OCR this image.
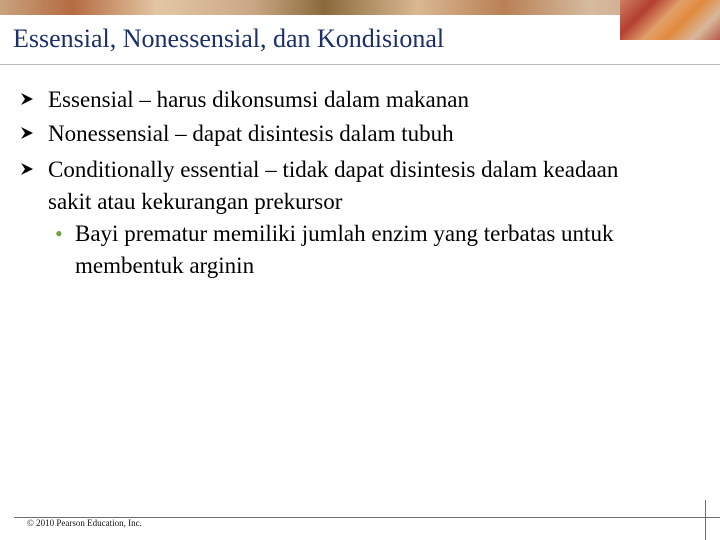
Essensial, Nonessensial, dan Kondisional
Essensial – harus dikonsumsi dalam makanan
Nonessensial – dapat disintesis dalam tubuh
Conditionally essential – tidak dapat disintesis dalam keadaan sakit atau kekurangan prekursor
• Bayi prematur memiliki jumlah enzim yang terbatas untuk membentuk arginin
© 2010 Pearson Education, Inc.
